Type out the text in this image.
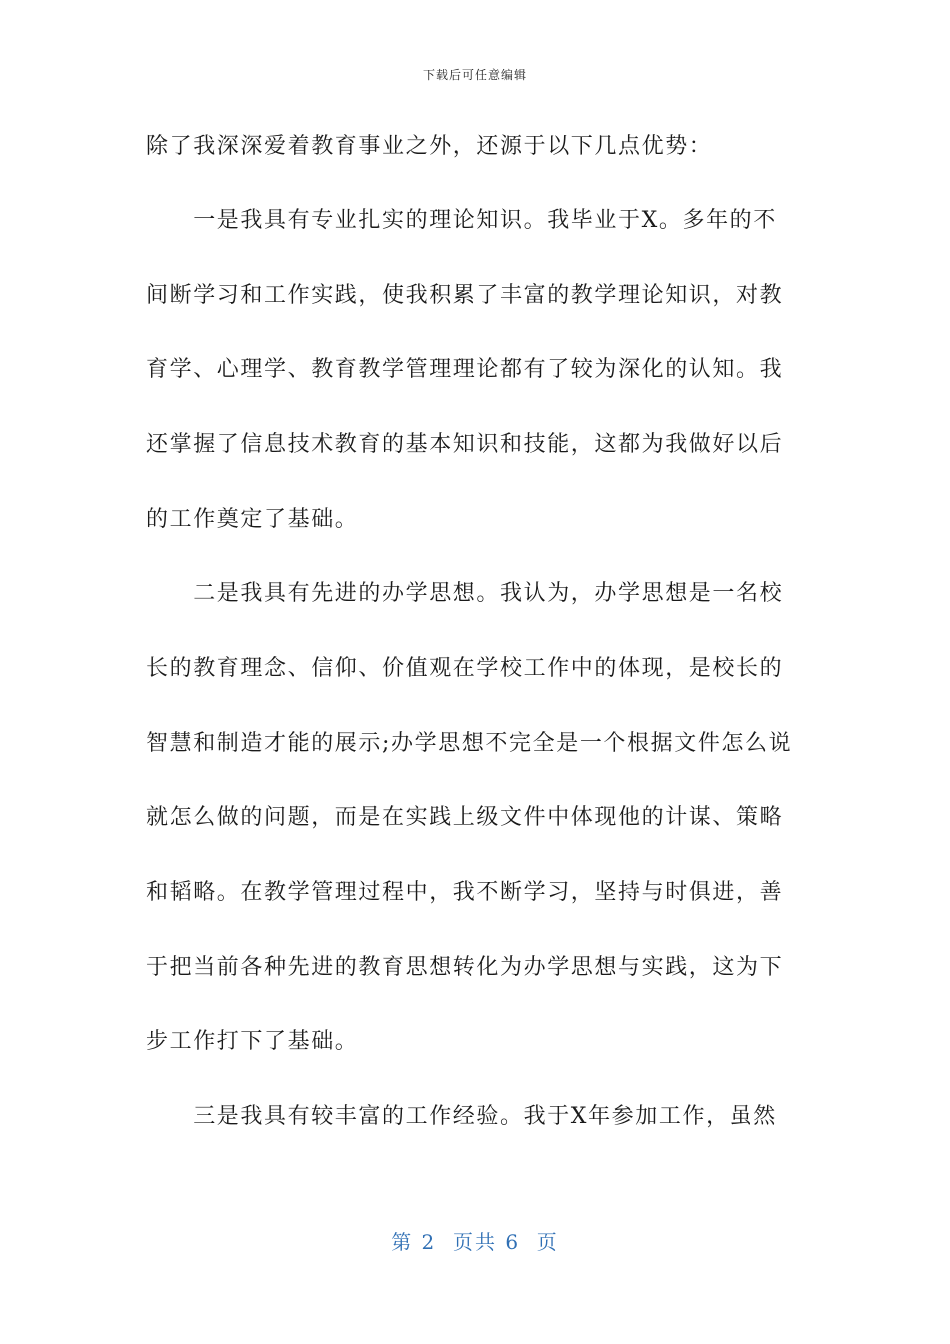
下载后可任意编辑
除了我深深爱着教育事业之外，还源于以下几点优势：
　　一是我具有专业扎实的理论知识。我毕业于X。多年的不
间断学习和工作实践，使我积累了丰富的教学理论知识，对教
育学、心理学、教育教学管理理论都有了较为深化的认知。我
还掌握了信息技术教育的基本知识和技能，这都为我做好以后
的工作奠定了基础。
　　二是我具有先进的办学思想。我认为，办学思想是一名校
长的教育理念、信仰、价值观在学校工作中的体现，是校长的
智慧和制造才能的展示;办学思想不完全是一个根据文件怎么说
就怎么做的问题，而是在实践上级文件中体现他的计谋、策略
和韬略。在教学管理过程中，我不断学习，坚持与时俱进，善
于把当前各种先进的教育思想转化为办学思想与实践，这为下
步工作打下了基础。
　　三是我具有较丰富的工作经验。我于X年参加工作，虽然
第 2  页共 6  页
